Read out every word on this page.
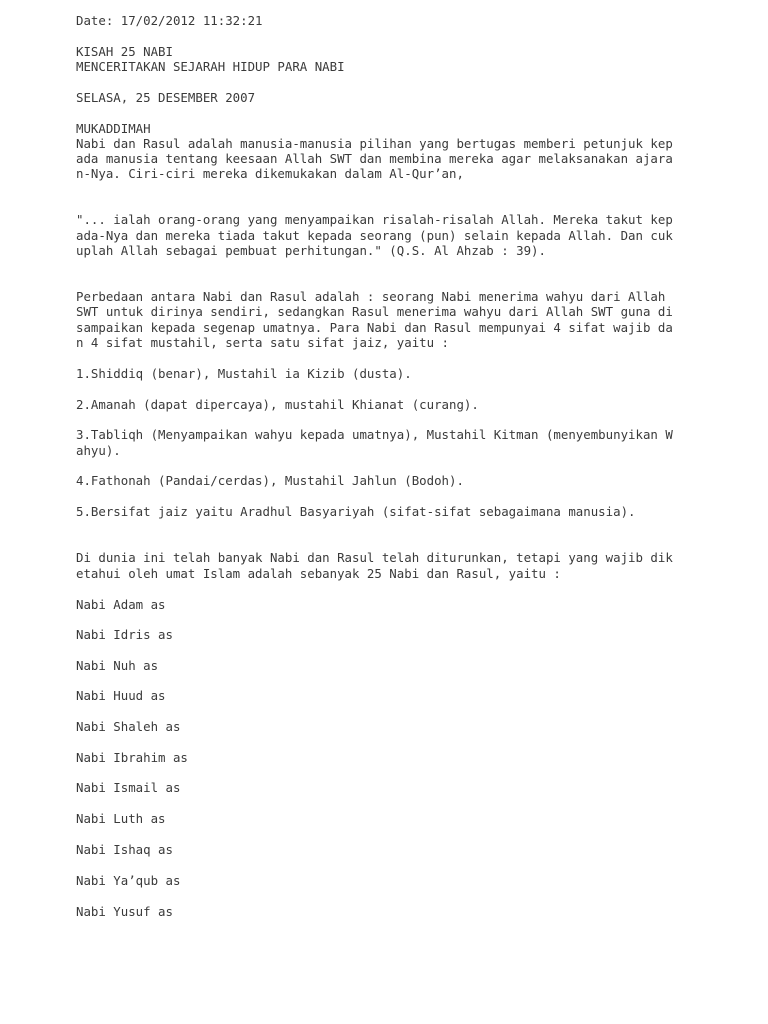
Date: 17/02/2012 11:32:21
KISAH 25 NABI
MENCERITAKAN SEJARAH HIDUP PARA NABI
SELASA, 25 DESEMBER 2007
MUKADDIMAH
Nabi dan Rasul adalah manusia-manusia pilihan yang bertugas memberi petunjuk kep
ada manusia tentang keesaan Allah SWT dan membina mereka agar melaksanakan ajara
n-Nya. Ciri-ciri mereka dikemukakan dalam Al-Qur’an,
"... ialah orang-orang yang menyampaikan risalah-risalah Allah. Mereka takut kep
ada-Nya dan mereka tiada takut kepada seorang (pun) selain kepada Allah. Dan cuk
uplah Allah sebagai pembuat perhitungan." (Q.S. Al Ahzab : 39).
Perbedaan antara Nabi dan Rasul adalah : seorang Nabi menerima wahyu dari Allah
SWT untuk dirinya sendiri, sedangkan Rasul menerima wahyu dari Allah SWT guna di
sampaikan kepada segenap umatnya. Para Nabi dan Rasul mempunyai 4 sifat wajib da
n 4 sifat mustahil, serta satu sifat jaiz, yaitu :
1.Shiddiq (benar), Mustahil ia Kizib (dusta).
2.Amanah (dapat dipercaya), mustahil Khianat (curang).
3.Tabliqh (Menyampaikan wahyu kepada umatnya), Mustahil Kitman (menyembunyikan W
ahyu).
4.Fathonah (Pandai/cerdas), Mustahil Jahlun (Bodoh).
5.Bersifat jaiz yaitu Aradhul Basyariyah (sifat-sifat sebagaimana manusia).
Di dunia ini telah banyak Nabi dan Rasul telah diturunkan, tetapi yang wajib dik
etahui oleh umat Islam adalah sebanyak 25 Nabi dan Rasul, yaitu :
Nabi Adam as
Nabi Idris as
Nabi Nuh as
Nabi Huud as
Nabi Shaleh as
Nabi Ibrahim as
Nabi Ismail as
Nabi Luth as
Nabi Ishaq as
Nabi Ya’qub as
Nabi Yusuf as
